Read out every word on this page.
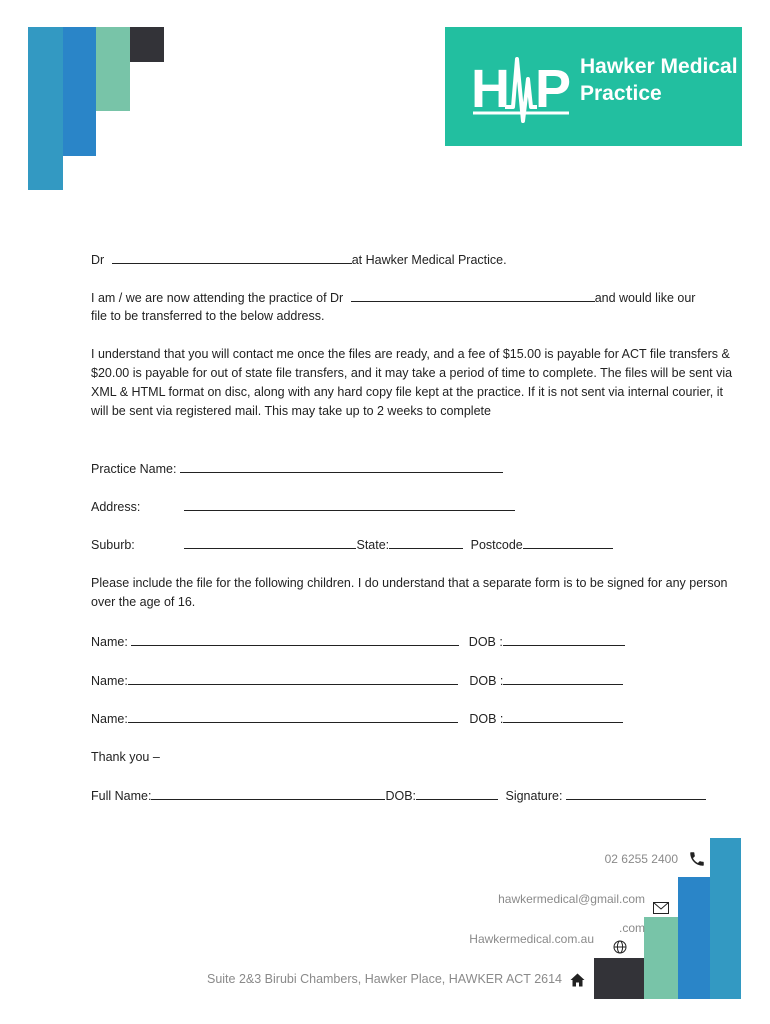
H P Hawker Medical
Practice
Dr	at Hawker Medical Practice.
I am / we are now attending the practice of Dr	and would like our
file to be transferred to the below address.
I understand that you will contact me once the files are ready, and a fee of $15.00 is payable for ACT file transfers & $20.00 is payable for out of state file transfers, and it may take a period of time to complete. The files will be sent via XML & HTML format on disc, along with any hard copy file kept at the practice. If it is not sent via internal courier, it will be sent via registered mail. This may take up to 2 weeks to complete
Practice Name:
Address:
Suburb:	State:	Postcode
Please include the file for the following children. I do understand that a separate form is to be signed for any person over the age of 16.
Name:	DOB :
Name:	DOB :
Name:	DOB :
Thank you –
Full Name:	DOB:	Signature:
02 6255 2400
hawkermedical@gmail.com
.com
Hawkermedical.com.au
Suite 2&3 Birubi Chambers, Hawker Place, HAWKER ACT 2614
